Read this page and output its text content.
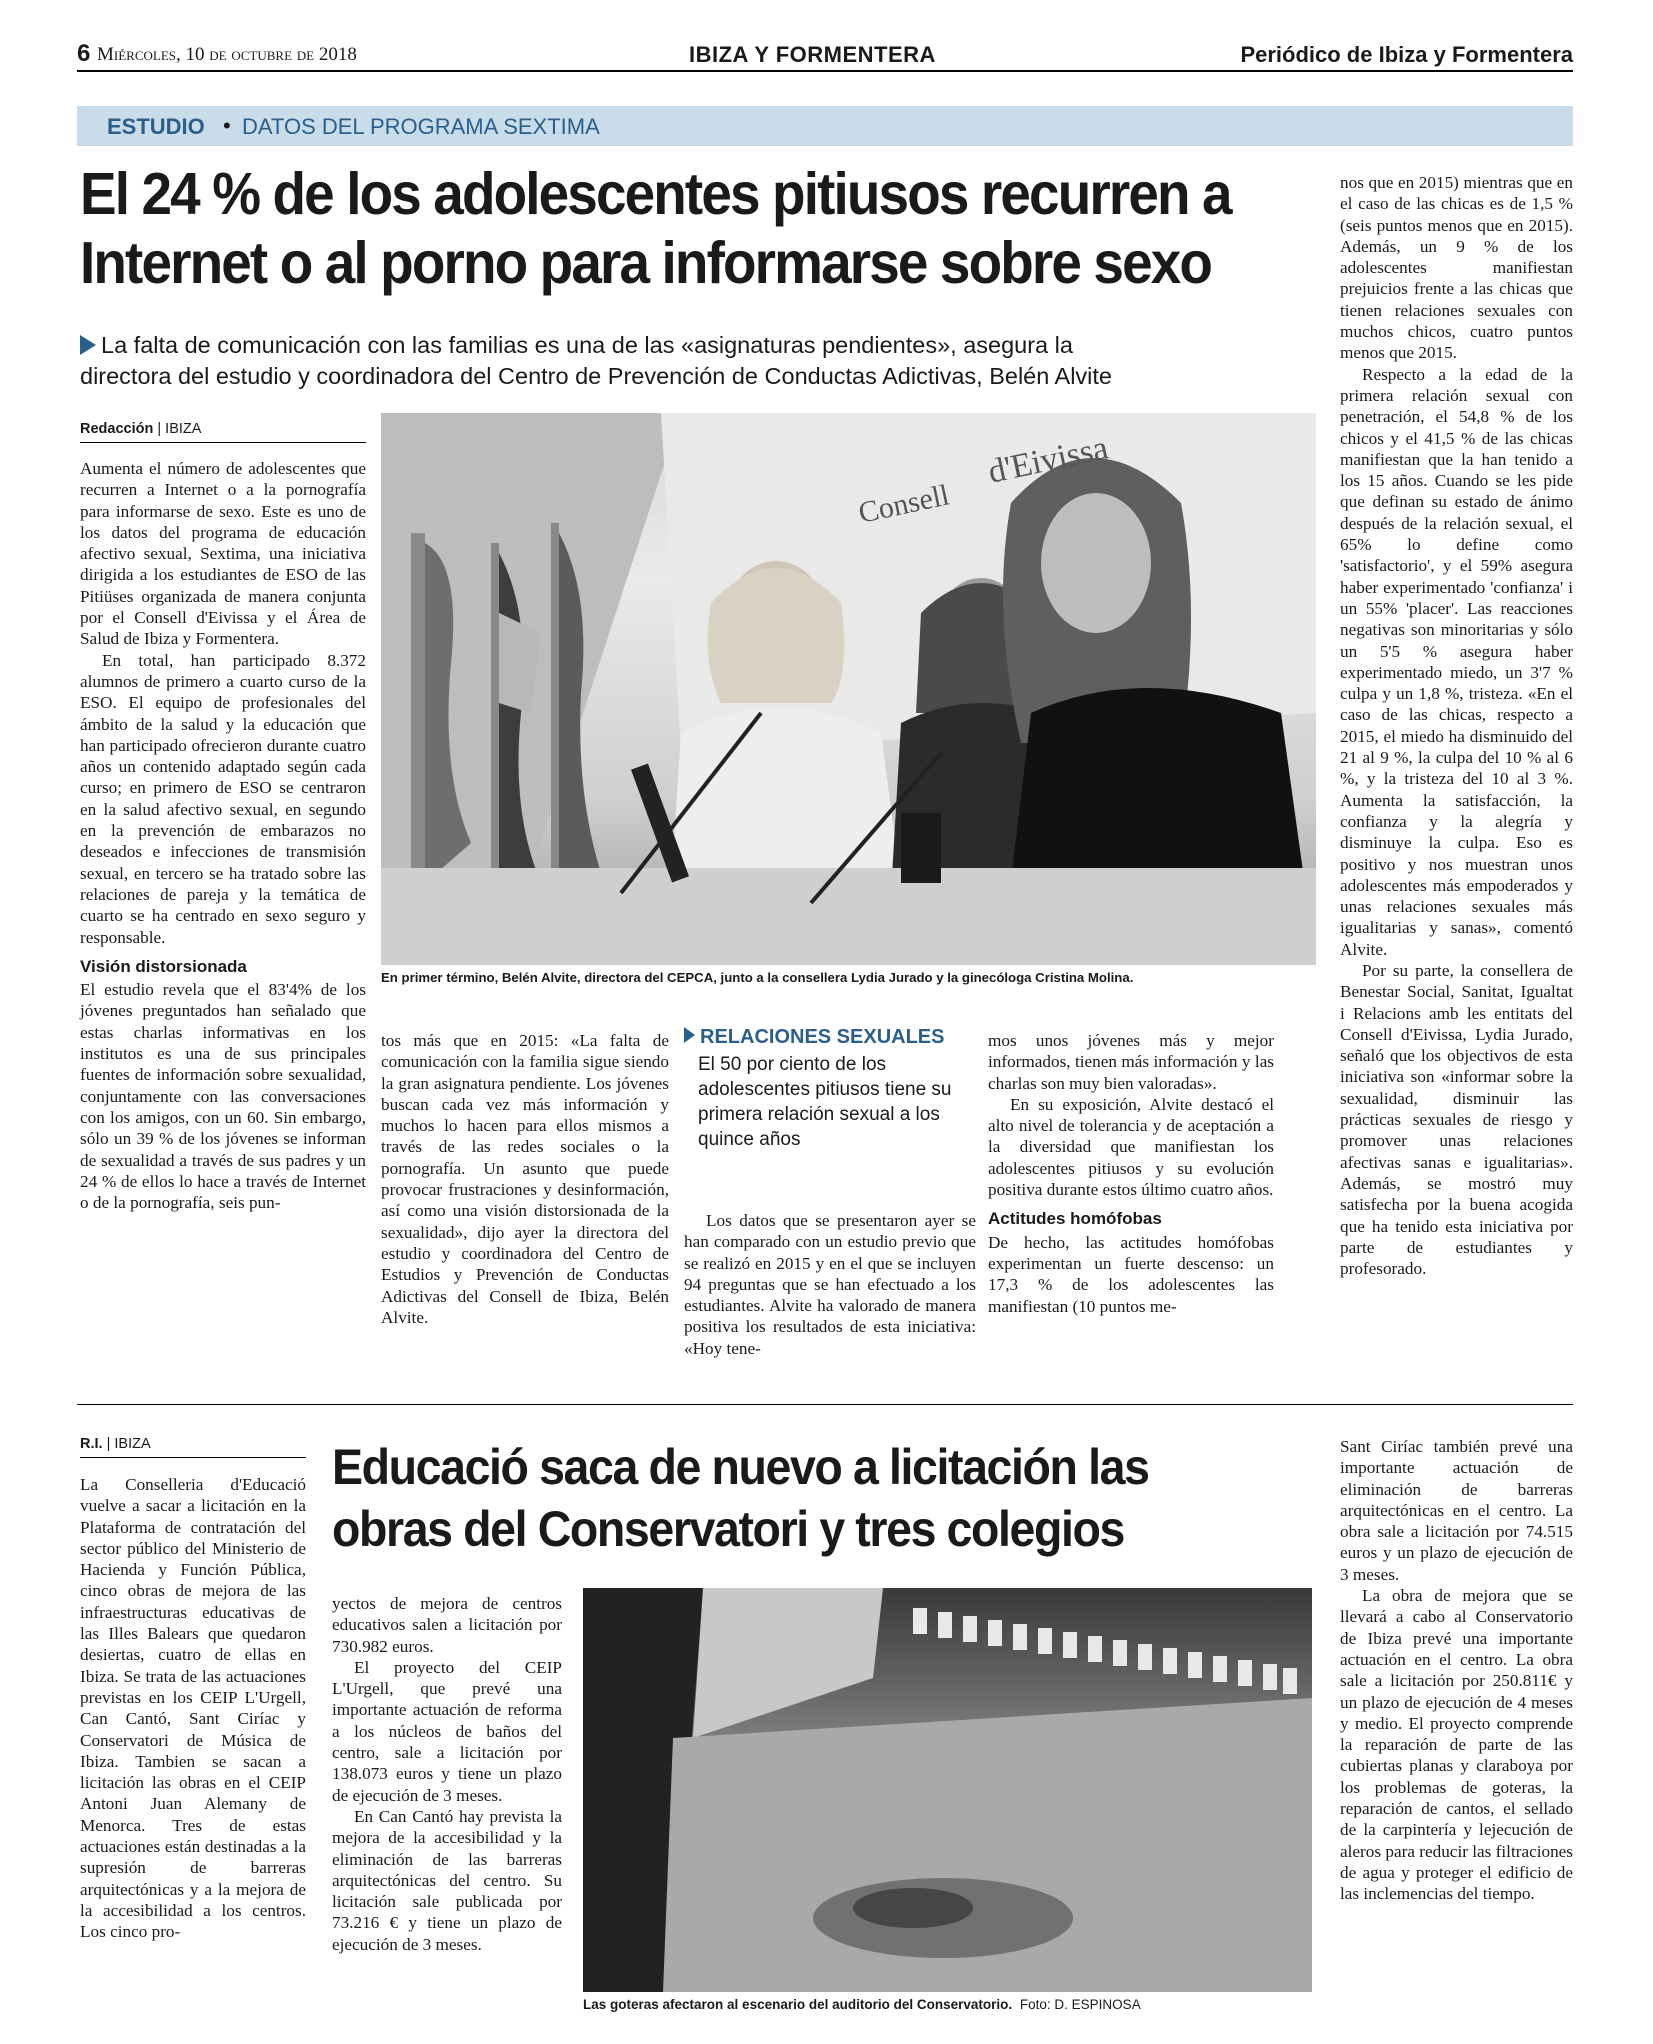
6 Miércoles, 10 de octubre de 2018	IBIZA Y FORMENTERA	Periódico de Ibiza y Formentera
ESTUDIO • DATOS DEL PROGRAMA SEXTIMA
El 24 % de los adolescentes pitiusos recurren a
Internet o al porno para informarse sobre sexo
La falta de comunicación con las familias es una de las «asignaturas pendientes», asegura la
directora del estudio y coordinadora del Centro de Prevención de Conductas Adictivas, Belén Alvite
Redacción | IBIZA
Consell
d'Eivissa
En primer término, Belén Alvite, directora del CEPCA, junto a la consellera Lydia Jurado y la ginecóloga Cristina Molina.

Aumenta el número de adolescentes que recurren a Internet o a la pornografía para informarse de sexo. Este es uno de los datos del programa de educación afectivo sexual, Sextima, una iniciativa dirigida a los estudiantes de ESO de las Pitiüses organizada de manera conjunta por el Consell d'Eivissa y el Área de Salud de Ibiza y Formentera.

En total, han participado 8.372 alumnos de primero a cuarto curso de la ESO. El equipo de profesionales del ámbito de la salud y la educación que han participado ofrecieron durante cuatro años un contenido adaptado según cada curso; en primero de ESO se centraron en la salud afectivo sexual, en segundo en la prevención de embarazos no deseados e infecciones de transmisión sexual, en tercero se ha tratado sobre las relaciones de pareja y la temática de cuarto se ha centrado en sexo seguro y responsable.

Visión distorsionada

El estudio revela que el 83'4% de los jóvenes preguntados han señalado que estas charlas informativas en los institutos es una de sus principales fuentes de información sobre sexualidad, conjuntamente con las conversaciones con los amigos, con un 60. Sin embargo, sólo un 39 % de los jóvenes se informan de sexualidad a través de sus padres y un 24 % de ellos lo hace a través de Internet o de la pornografía, seis pun-

tos más que en 2015: «La falta de comunicación con la familia sigue siendo la gran asignatura pendiente. Los jóvenes buscan cada vez más información y muchos lo hacen para ellos mismos a través de las redes sociales o la pornografía. Un asunto que puede provocar frustraciones y desinformación, así como una visión distorsionada de la sexualidad», dijo ayer la directora del estudio y coordinadora del Centro de Estudios y Prevención de Conductas Adictivas del Consell de Ibiza, Belén Alvite.

RELACIONES SEXUALES
El 50 por ciento de los adolescentes pitiusos tiene su primera relación sexual a los quince años

Los datos que se presentaron ayer se han comparado con un estudio previo que se realizó en 2015 y en el que se incluyen 94 preguntas que se han efectuado a los estudiantes. Alvite ha valorado de manera positiva los resultados de esta iniciativa: «Hoy tene-

mos unos jóvenes más y mejor informados, tienen más información y las charlas son muy bien valoradas».

En su exposición, Alvite destacó el alto nivel de tolerancia y de aceptación a la diversidad que manifiestan los adolescentes pitiusos y su evolución positiva durante estos último cuatro años.

Actitudes homófobas

De hecho, las actitudes homófobas experimentan un fuerte descenso: un 17,3 % de los adolescentes las manifiestan (10 puntos me-

nos que en 2015) mientras que en el caso de las chicas es de 1,5 % (seis puntos menos que en 2015). Además, un 9 % de los adolescentes manifiestan prejuicios frente a las chicas que tienen relaciones sexuales con muchos chicos, cuatro puntos menos que 2015.

Respecto a la edad de la primera relación sexual con penetración, el 54,8 % de los chicos y el 41,5 % de las chicas manifiestan que la han tenido a los 15 años. Cuando se les pide que definan su estado de ánimo después de la relación sexual, el 65% lo define como 'satisfactorio', y el 59% asegura haber experimentado 'confianza' i un 55% 'placer'. Las reacciones negativas son minoritarias y sólo un 5'5 % asegura haber experimentado miedo, un 3'7 % culpa y un 1,8 %, tristeza. «En el caso de las chicas, respecto a 2015, el miedo ha disminuido del 21 al 9 %, la culpa del 10 % al 6 %, y la tristeza del 10 al 3 %. Aumenta la satisfacción, la confianza y la alegría y disminuye la culpa. Eso es positivo y nos muestran unos adolescentes más empoderados y unas relaciones sexuales más igualitarias y sanas», comentó Alvite.

Por su parte, la consellera de Benestar Social, Sanitat, Igualtat i Relacions amb les entitats del Consell d'Eivissa, Lydia Jurado, señaló que los objectivos de esta iniciativa son «informar sobre la sexualidad, disminuir las prácticas sexuales de riesgo y promover unas relaciones afectivas sanas e igualitarias». Además, se mostró muy satisfecha por la buena acogida que ha tenido esta iniciativa por parte de estudiantes y profesorado.

R.I. | IBIZA	Educació saca de nuevo a licitación las
obras del Conservatori y tres colegios
Las goteras afectaron al escenario del auditorio del Conservatorio. Foto: D. ESPINOSA

La Conselleria d'Educació vuelve a sacar a licitación en la Plataforma de contratación del sector público del Ministerio de Hacienda y Función Pública, cinco obras de mejora de las infraestructuras educativas de las Illes Balears que quedaron desiertas, cuatro de ellas en Ibiza. Se trata de las actuaciones previstas en los CEIP L'Urgell, Can Cantó, Sant Ciríac y Conservatori de Música de Ibiza. Tambien se sacan a licitación las obras en el CEIP Antoni Juan Alemany de Menorca. Tres de estas actuaciones están destinadas a la supresión de barreras arquitectónicas y a la mejora de la accesibilidad a los centros. Los cinco pro-

yectos de mejora de centros educativos salen a licitación por 730.982 euros.

El proyecto del CEIP L'Urgell, que prevé una importante actuación de reforma a los núcleos de baños del centro, sale a licitación por 138.073 euros y tiene un plazo de ejecución de 3 meses.

En Can Cantó hay prevista la mejora de la accesibilidad y la eliminación de las barreras arquitectónicas del centro. Su licitación sale publicada por 73.216 € y tiene un plazo de ejecución de 3 meses.

Sant Ciríac también prevé una importante actuación de eliminación de barreras arquitectónicas en el centro. La obra sale a licitación por 74.515 euros y un plazo de ejecución de 3 meses.

La obra de mejora que se llevará a cabo al Conservatorio de Ibiza prevé una importante actuación en el centro. La obra sale a licitación por 250.811€ y un plazo de ejecución de 4 meses y medio. El proyecto comprende la reparación de parte de las cubiertas planas y claraboya por los problemas de goteras, la reparación de cantos, el sellado de la carpintería y lejecución de aleros para reducir las filtraciones de agua y proteger el edificio de las inclemencias del tiempo.
